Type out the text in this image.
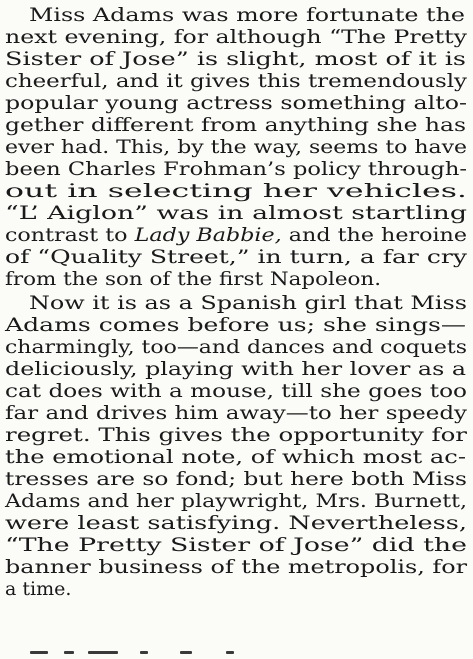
Miss Adams was more fortunate the
next evening, for although “The Pretty
Sister of Jose” is slight, most of it is
cheerful, and it gives this tremendously
popular young actress something alto-
gether different from anything she has
ever had. This, by the way, seems to have
been Charles Frohman’s policy through-
out in selecting her vehicles.
“L’ Aiglon” was in almost startling
contrast to Lady Babbie, and the heroine
of “Quality Street,” in turn, a far cry
from the son of the first Napoleon.
Now it is as a Spanish girl that Miss
Adams comes before us; she sings—
charmingly, too—and dances and coquets
deliciously, playing with her lover as a
cat does with a mouse, till she goes too
far and drives him away—to her speedy
regret. This gives the opportunity for
the emotional note, of which most ac-
tresses are so fond; but here both Miss
Adams and her playwright, Mrs. Burnett,
were least satisfying. Nevertheless,
“The Pretty Sister of Jose” did the
banner business of the metropolis, for
a time.
